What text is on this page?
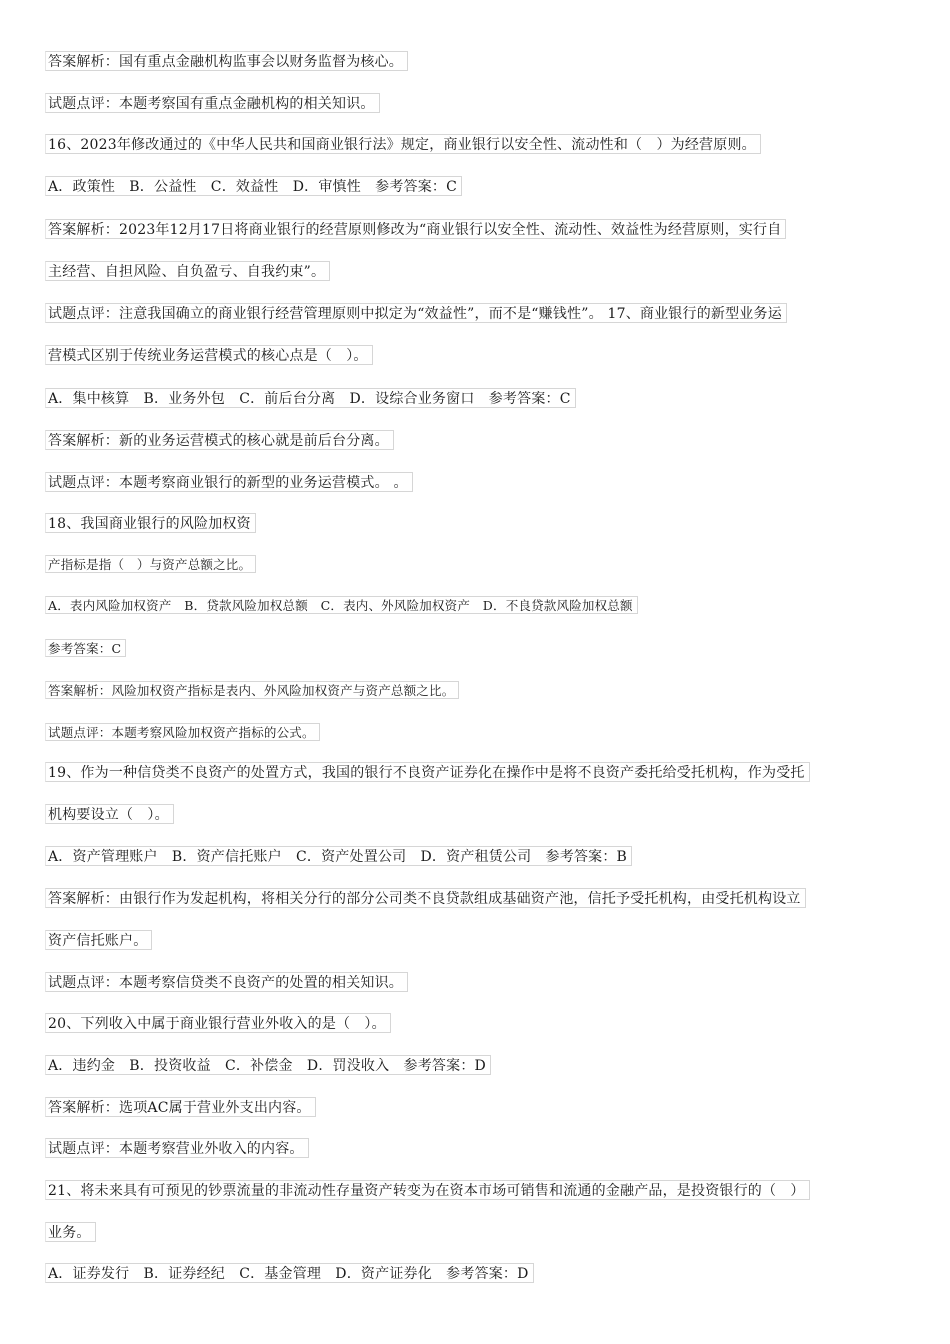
答案解析：国有重点金融机构监事会以财务监督为核心。
试题点评：本题考察国有重点金融机构的相关知识。
16、2023年修改通过的《中华人民共和国商业银行法》规定，商业银行以安全性、流动性和（　）为经营原则。
A．政策性　B．公益性　C．效益性　D．审慎性　参考答案：C
答案解析：2023年12月17日将商业银行的经营原则修改为“商业银行以安全性、流动性、效益性为经营原则，实行自
主经营、自担风险、自负盈亏、自我约束”。
试题点评：注意我国确立的商业银行经营管理原则中拟定为“效益性”，而不是“赚钱性”。 17、商业银行的新型业务运
营模式区别于传统业务运营模式的核心点是（　）。
A．集中核算　B．业务外包　C．前后台分离　D．设综合业务窗口　参考答案：C
答案解析：新的业务运营模式的核心就是前后台分离。
试题点评：本题考察商业银行的新型的业务运营模式。 。
18、我国商业银行的风险加权资
产指标是指（　）与资产总额之比。
A．表内风险加权资产　B．贷款风险加权总额　C．表内、外风险加权资产　D．不良贷款风险加权总额
参考答案：C
答案解析：风险加权资产指标是表内、外风险加权资产与资产总额之比。
试题点评：本题考察风险加权资产指标的公式。
19、作为一种信贷类不良资产的处置方式，我国的银行不良资产证券化在操作中是将不良资产委托给受托机构，作为受托
机构要设立（　）。
A．资产管理账户　B．资产信托账户　C．资产处置公司　D．资产租赁公司　参考答案：B
答案解析：由银行作为发起机构，将相关分行的部分公司类不良贷款组成基础资产池，信托予受托机构，由受托机构设立
资产信托账户。
试题点评：本题考察信贷类不良资产的处置的相关知识。
20、下列收入中属于商业银行营业外收入的是（　）。
A．违约金　B．投资收益　C．补偿金　D．罚没收入　参考答案：D
答案解析：选项AC属于营业外支出内容。
试题点评：本题考察营业外收入的内容。
21、将未来具有可预见的钞票流量的非流动性存量资产转变为在资本市场可销售和流通的金融产品，是投资银行的（　）
业务。
A．证券发行　B．证券经纪　C．基金管理　D．资产证券化　参考答案：D
